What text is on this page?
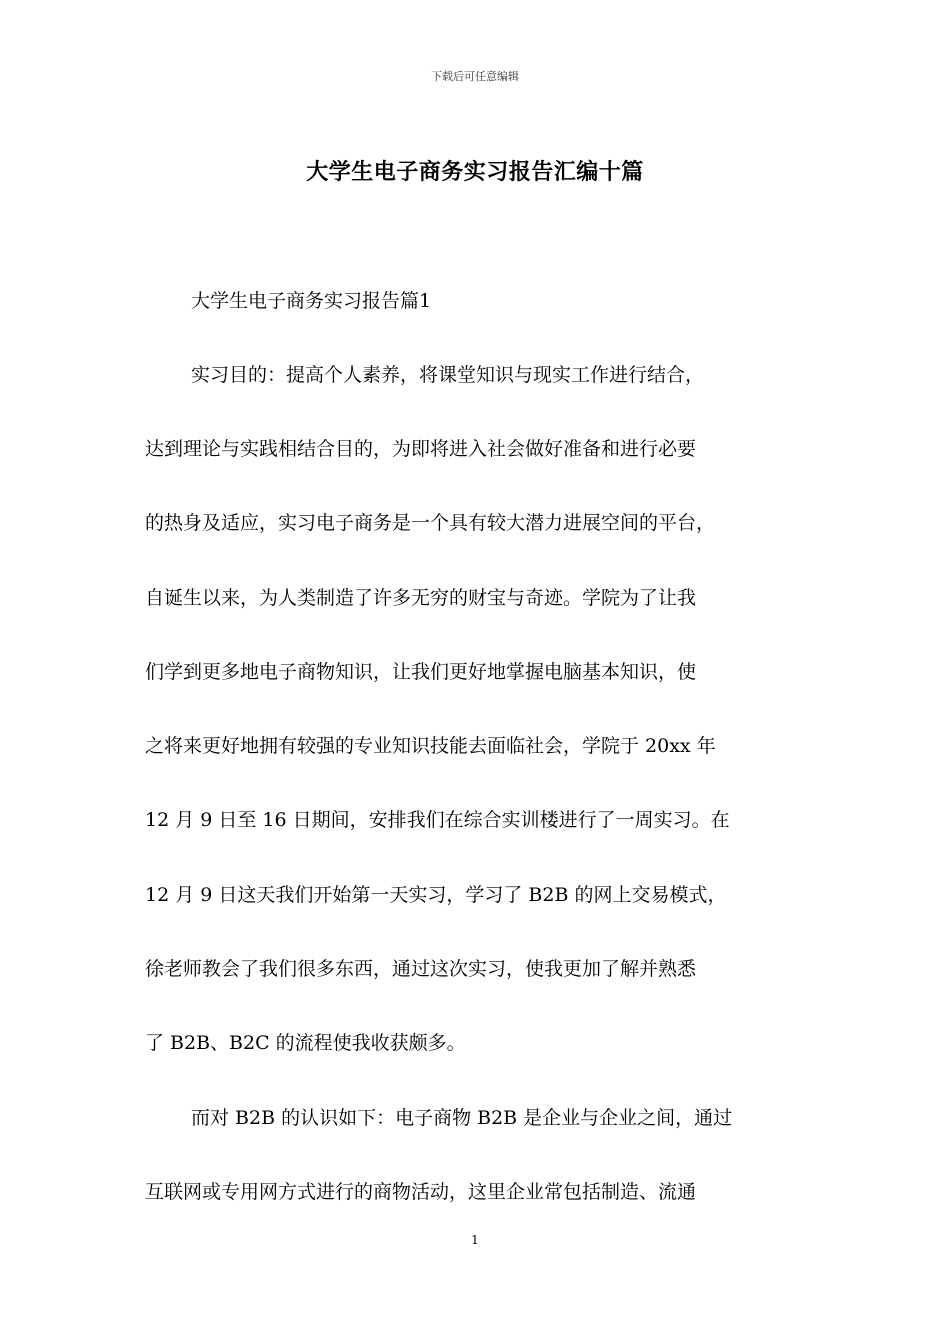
下载后可任意编辑
大学生电子商务实习报告汇编十篇
大学生电子商务实习报告篇1
实习目的：提高个人素养，将课堂知识与现实工作进行结合，
达到理论与实践相结合目的，为即将进入社会做好准备和进行必要
的热身及适应，实习电子商务是一个具有较大潜力进展空间的平台，
自诞生以来，为人类制造了许多无穷的财宝与奇迹。学院为了让我
们学到更多地电子商物知识，让我们更好地掌握电脑基本知识，使
之将来更好地拥有较强的专业知识技能去面临社会，学院于 20xx 年
12 月 9 日至 16 日期间，安排我们在综合实训楼进行了一周实习。在
12 月 9 日这天我们开始第一天实习，学习了 B2B 的网上交易模式，
徐老师教会了我们很多东西，通过这次实习，使我更加了解并熟悉
了 B2B、B2C 的流程使我收获颇多。
而对 B2B 的认识如下：电子商物 B2B 是企业与企业之间，通过
互联网或专用网方式进行的商物活动，这里企业常包括制造、流通
1
